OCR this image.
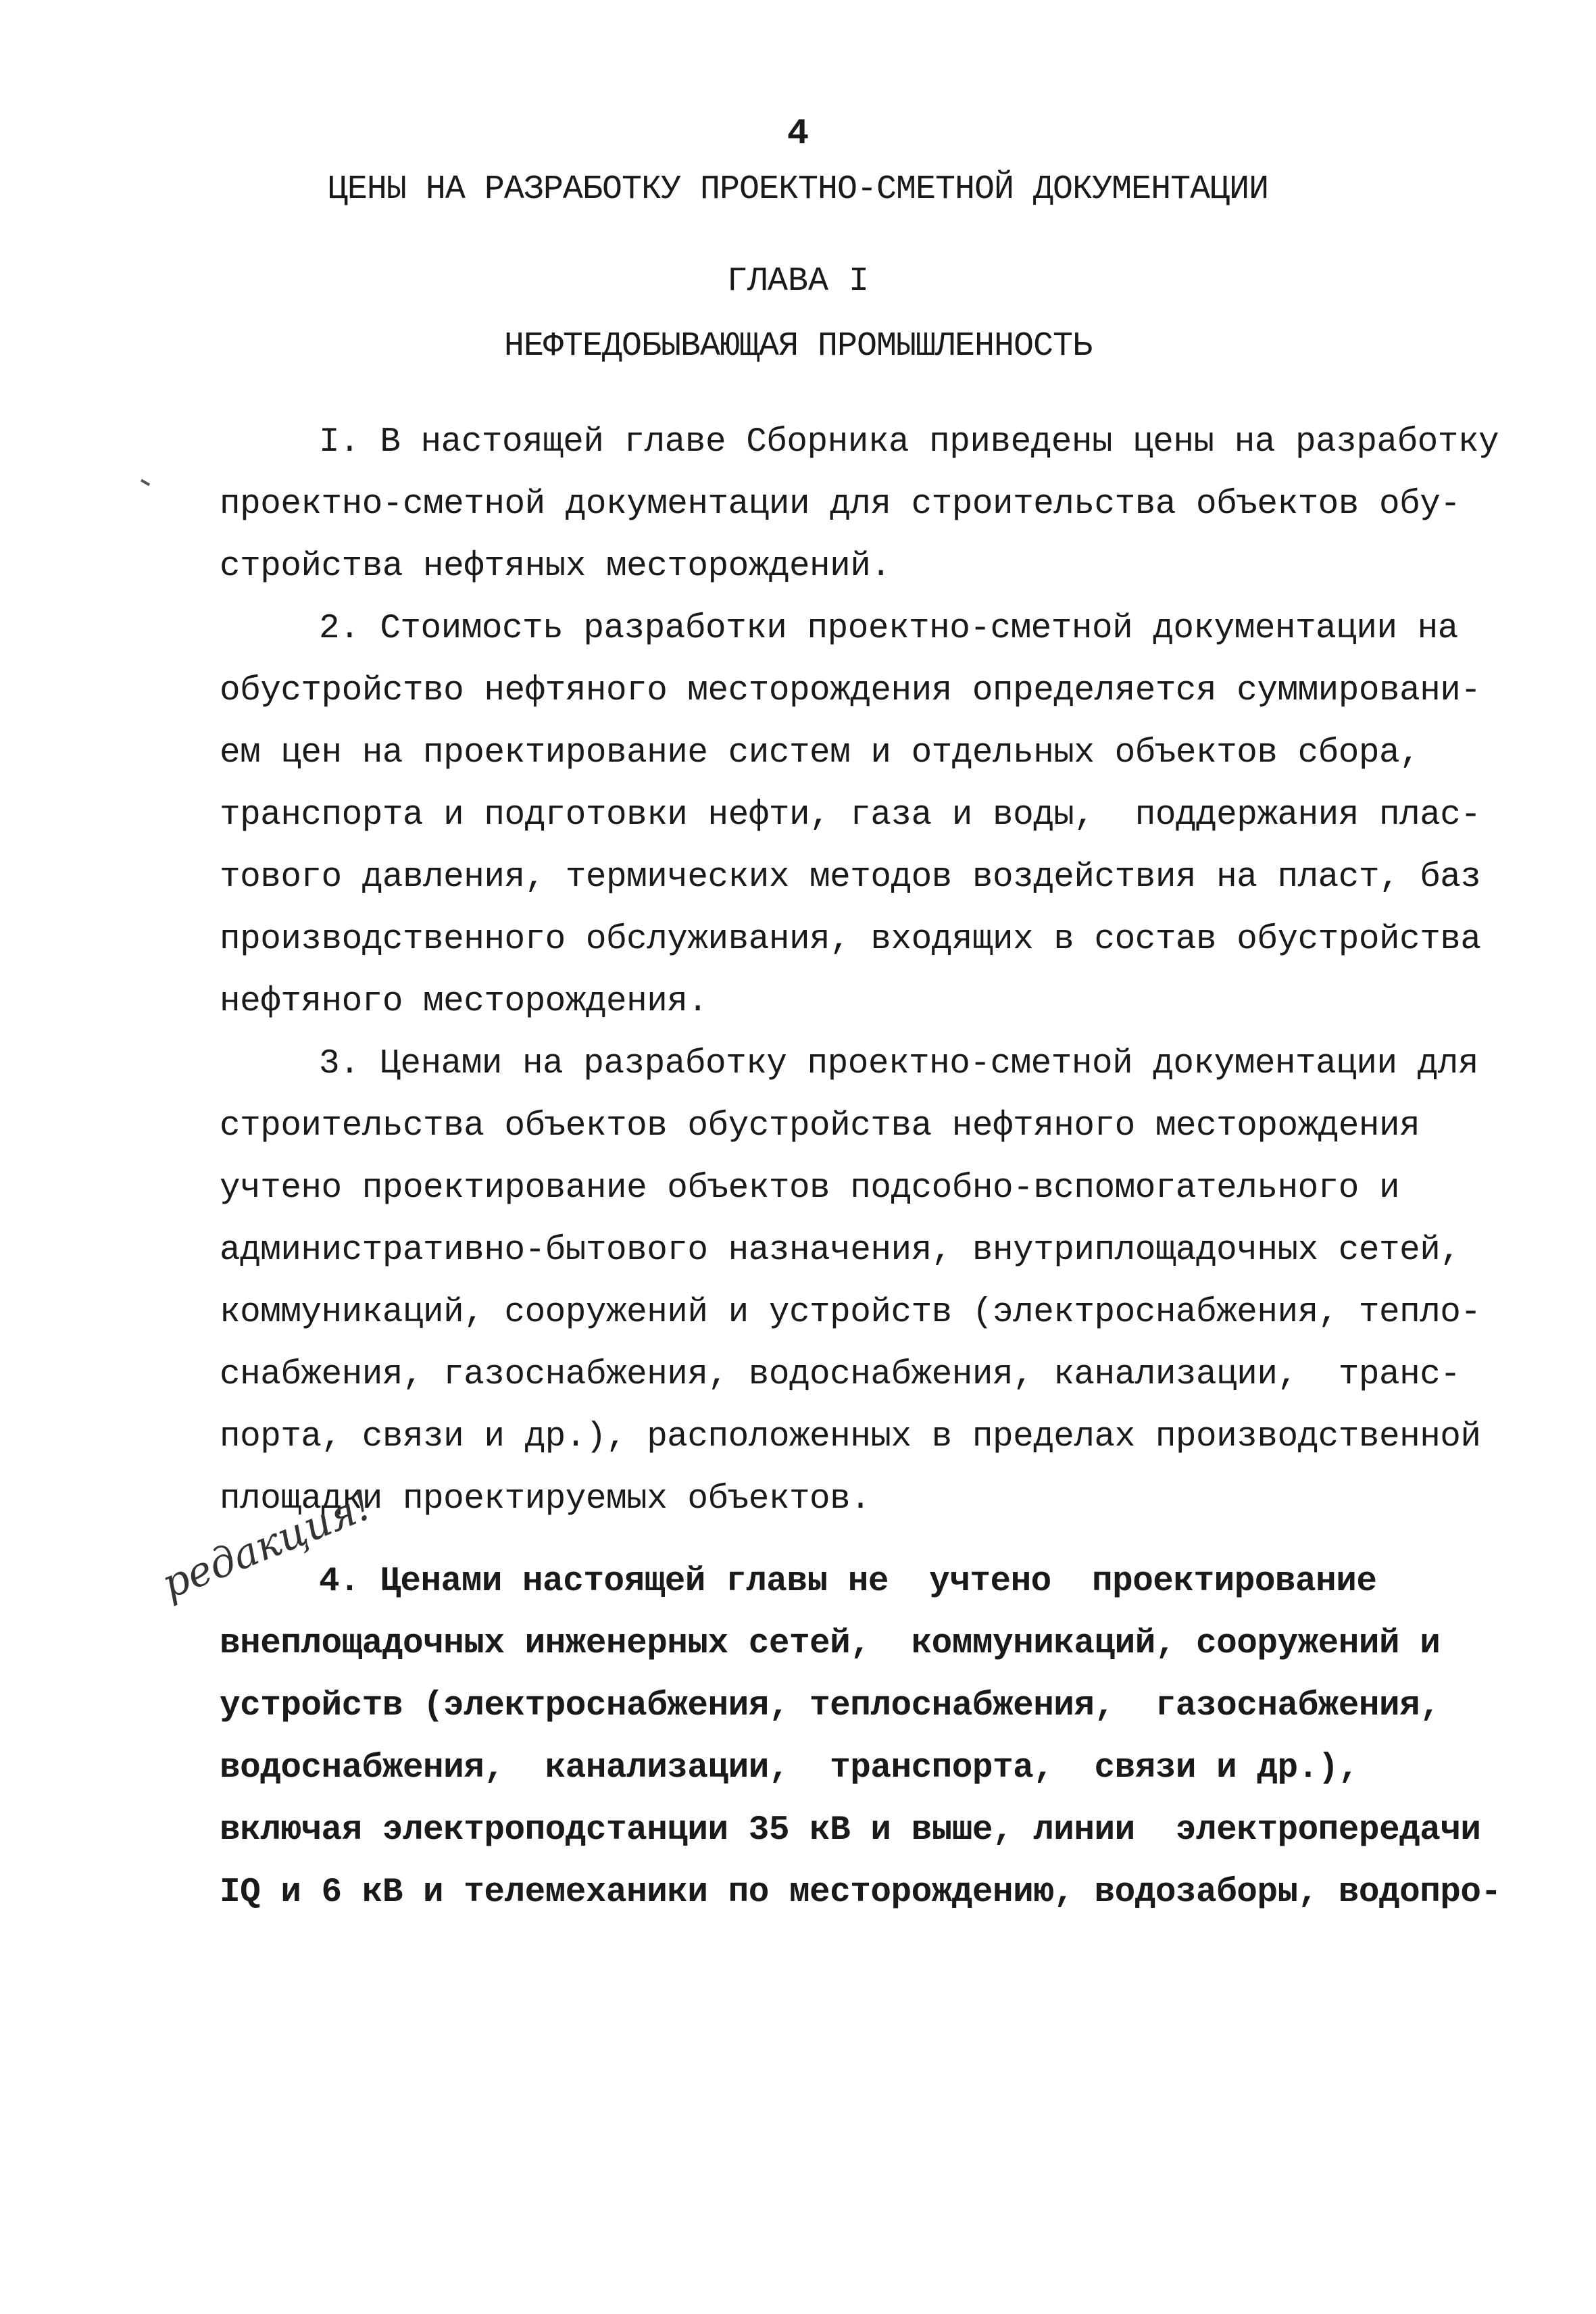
4
ЦЕНЫ НА РАЗРАБОТКУ ПРОЕКТНО-СМЕТНОЙ ДОКУМЕНТАЦИИ
ГЛАВА I
НЕФТЕДОБЫВАЮЩАЯ ПРОМЫШЛЕННОСТЬ
I. В настоящей главе Сборника приведены цены на разработку
проектно-сметной документации для строительства объектов обу-
стройства нефтяных месторождений.
2. Стоимость разработки проектно-сметной документации на
обустройство нефтяного месторождения определяется суммировани-
ем цен на проектирование систем и отдельных объектов сбора,
транспорта и подготовки нефти, газа и воды,  поддержания плас-
тового давления, термических методов воздействия на пласт, баз
производственного обслуживания, входящих в состав обустройства
нефтяного месторождения.
3. Ценами на разработку проектно-сметной документации для
строительства объектов обустройства нефтяного месторождения
учтено проектирование объектов подсобно-вспомогательного и
административно-бытового назначения, внутриплощадочных сетей,
коммуникаций, сооружений и устройств (электроснабжения, тепло-
снабжения, газоснабжения, водоснабжения, канализации,  транс-
порта, связи и др.), расположенных в пределах производственной
площадки проектируемых объектов.
редакция!
4. Ценами настоящей главы не  учтено  проектирование
внеплощадочных инженерных сетей,  коммуникаций, сооружений и
устройств (электроснабжения, теплоснабжения,  газоснабжения,
водоснабжения,  канализации,  транспорта,  связи и др.),
включая электроподстанции 35 кВ и выше, линии  электропередачи
IQ и 6 кВ и телемеханики по месторождению, водозаборы, водопро-
